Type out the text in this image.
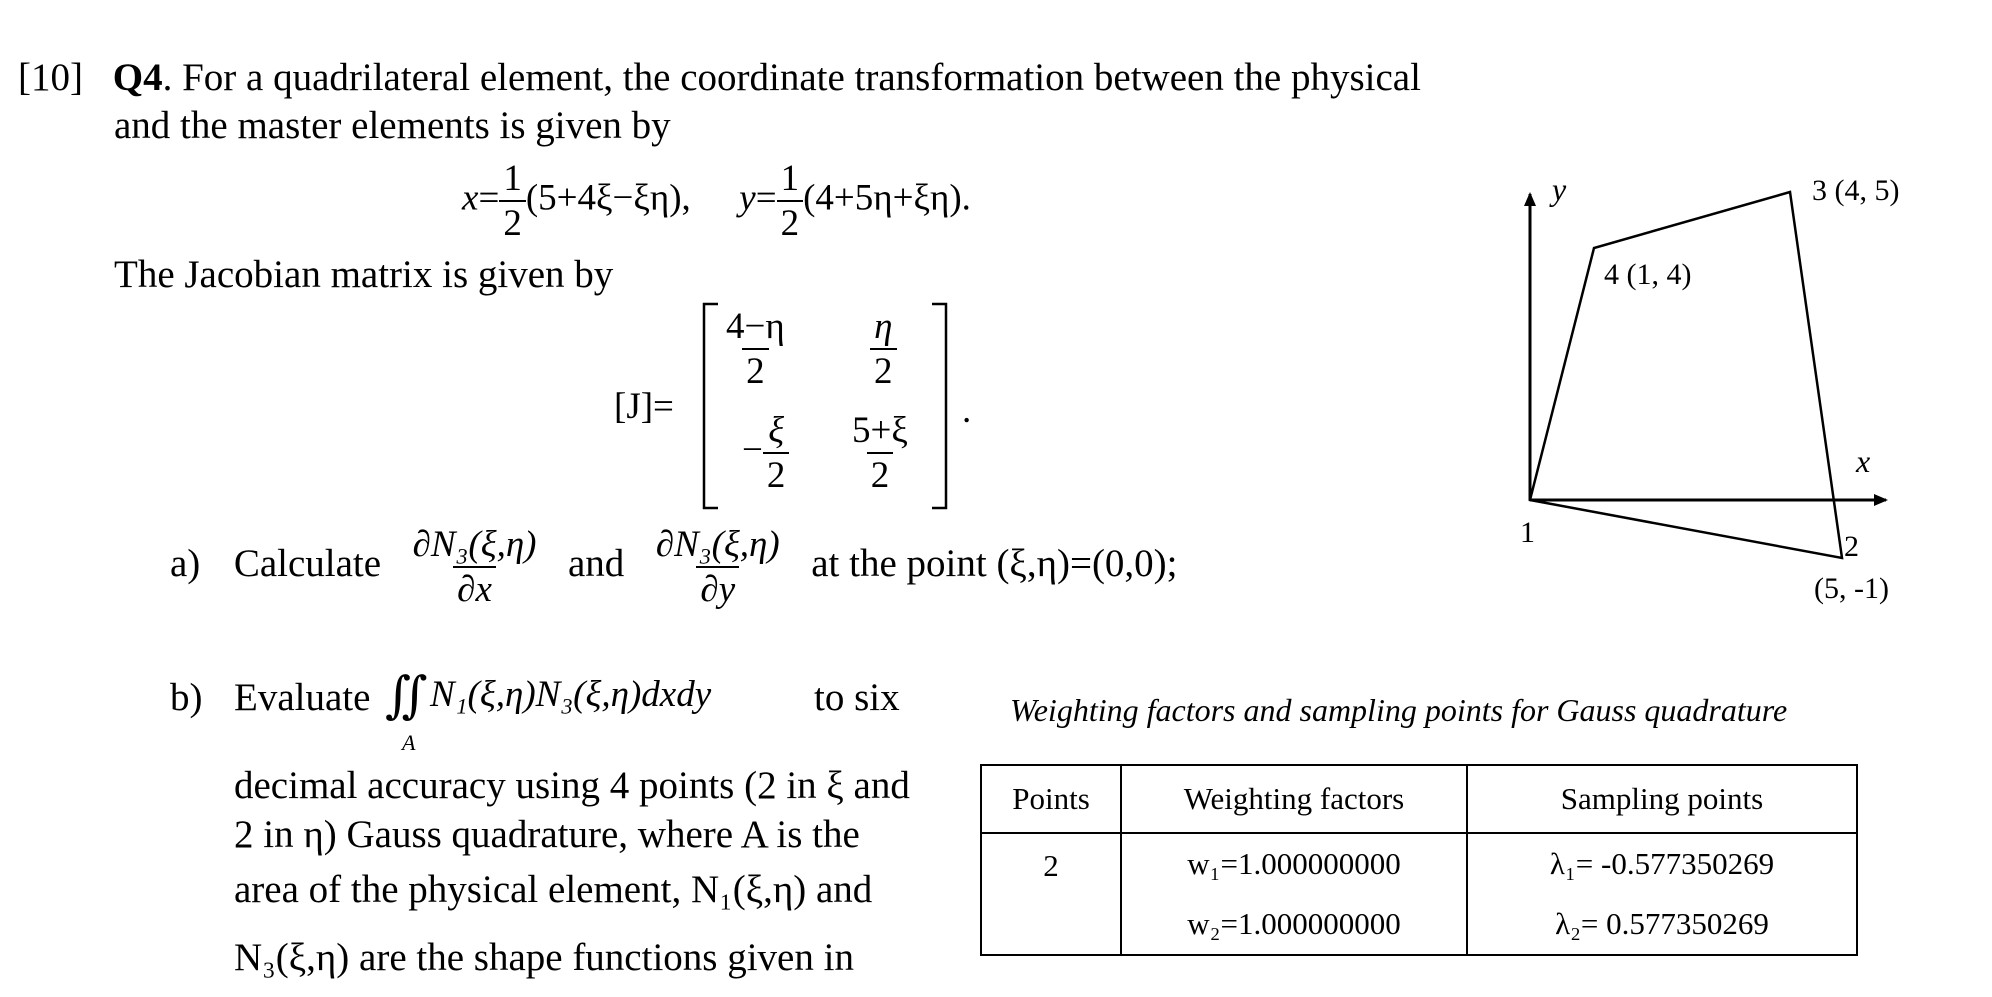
[10] Q4. For a quadrilateral element, the coordinate transformation between the physical
and the master elements is given by
$x= \frac{1}{2} (5+4\xi-\xi\eta)$, $y= \frac{1}{2} (4+5\eta+\xi\eta)$.
The Jacobian matrix is given by
[J]=
$\frac{4-\eta}{2} \frac{\eta}{2}$
− $\frac{\xi}{2} \frac{5+\xi}{2}$
.
a) Calculate $\frac{\text{∂N₃(ξ,η)}}{\partial x}$ and $\frac{\text{∂N₃(ξ,η)}}{\partial y}$ at the point (ξ,η)=(0,0);
b) Evaluate ∬
A
N₁(ξ,η)N₃(ξ,η)dxdy	to six
decimal accuracy using 4 points (2 in ξ and
2 in η) Gauss quadrature, where A is the
area of the physical element, N₁(ξ,η) and
N₃(ξ,η) are the shape functions given in
y
x
1	2
(5, -1)
3 (4, 5)
4 (1, 4)
Weighting factors and sampling points for Gauss quadrature
Points	Weighting factors	Sampling points
2	w₁=1.000000000	λ₁= -0.577350269
	w₂=1.000000000	λ₂= 0.577350269
